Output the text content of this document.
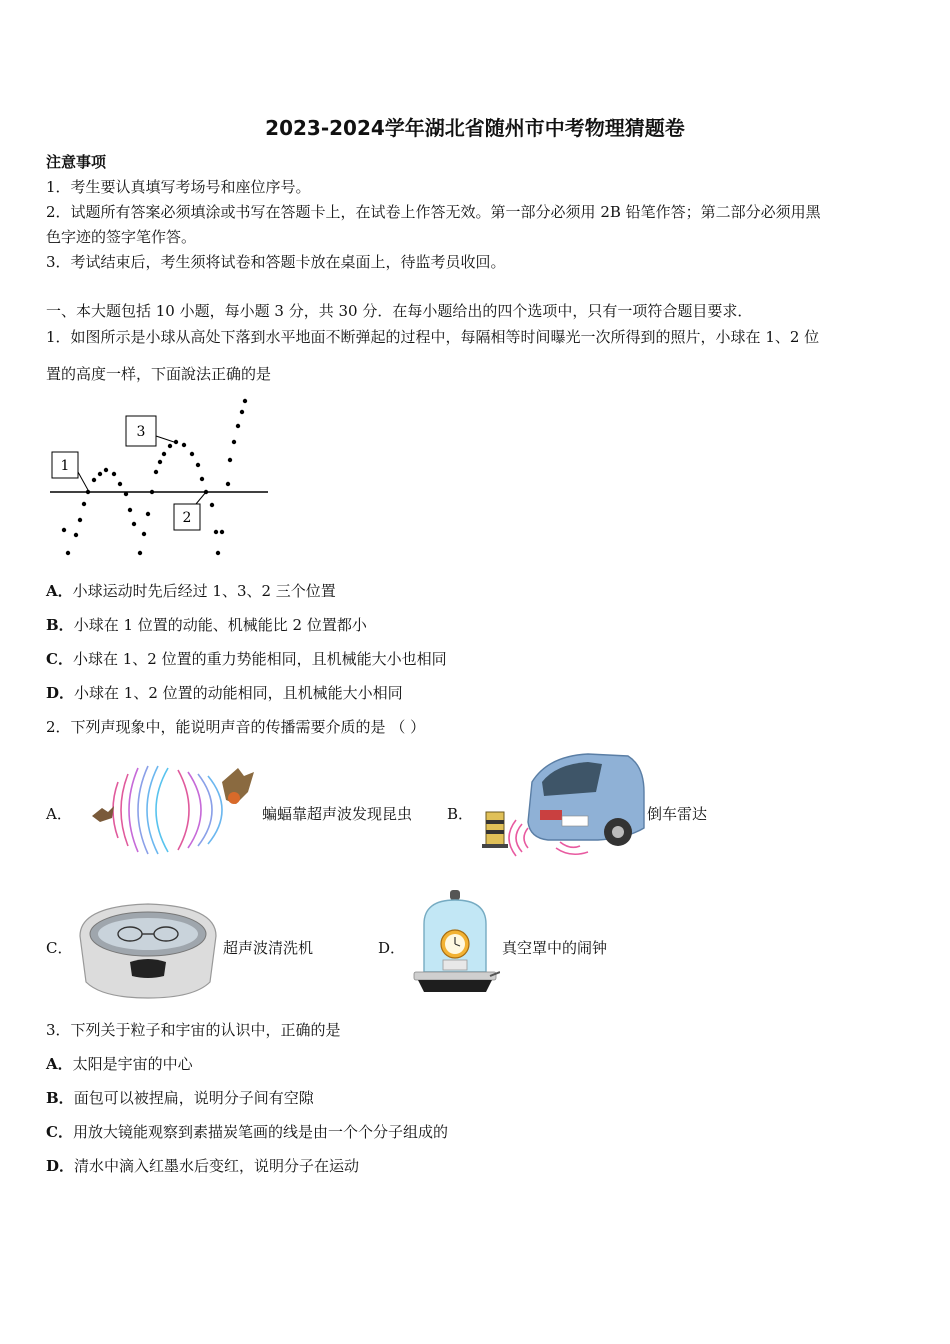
2023-2024学年湖北省随州市中考物理猜题卷
注意事项
1．考生要认真填写考场号和座位序号。
2．试题所有答案必须填涂或书写在答题卡上，在试卷上作答无效。第一部分必须用 2B 铅笔作答；第二部分必须用黑
色字迹的签字笔作答。
3．考试结束后，考生须将试卷和答题卡放在桌面上，待监考员收回。
一、本大题包括 10 小题，每小题 3 分，共 30 分．在每小题给出的四个选项中，只有一项符合题目要求．
1．如图所示是小球从高处下落到水平地面不断弹起的过程中，每隔相等时间曝光一次所得到的照片，小球在 1、2 位
置的高度一样，下面說法正确的是
1
3
2
A．小球运动时先后经过 1、3、2 三个位置
B．小球在 1 位置的动能、机械能比 2 位置都小
C．小球在 1、2 位置的重力势能相同，且机械能大小也相同
D．小球在 1、2 位置的动能相同，且机械能大小相同
2．下列声现象中，能说明声音的传播需要介质的是 （ ）
A．	蝙蝠靠超声波发现昆虫 B．	倒车雷达
C．	超声波清洗机	D．	真空罩中的闹钟
3．下列关于粒子和宇宙的认识中，正确的是
A．太阳是宇宙的中心
B．面包可以被捏扁，说明分子间有空隙
C．用放大镜能观察到素描炭笔画的线是由一个个分子组成的
D．清水中滴入红墨水后变红，说明分子在运动
